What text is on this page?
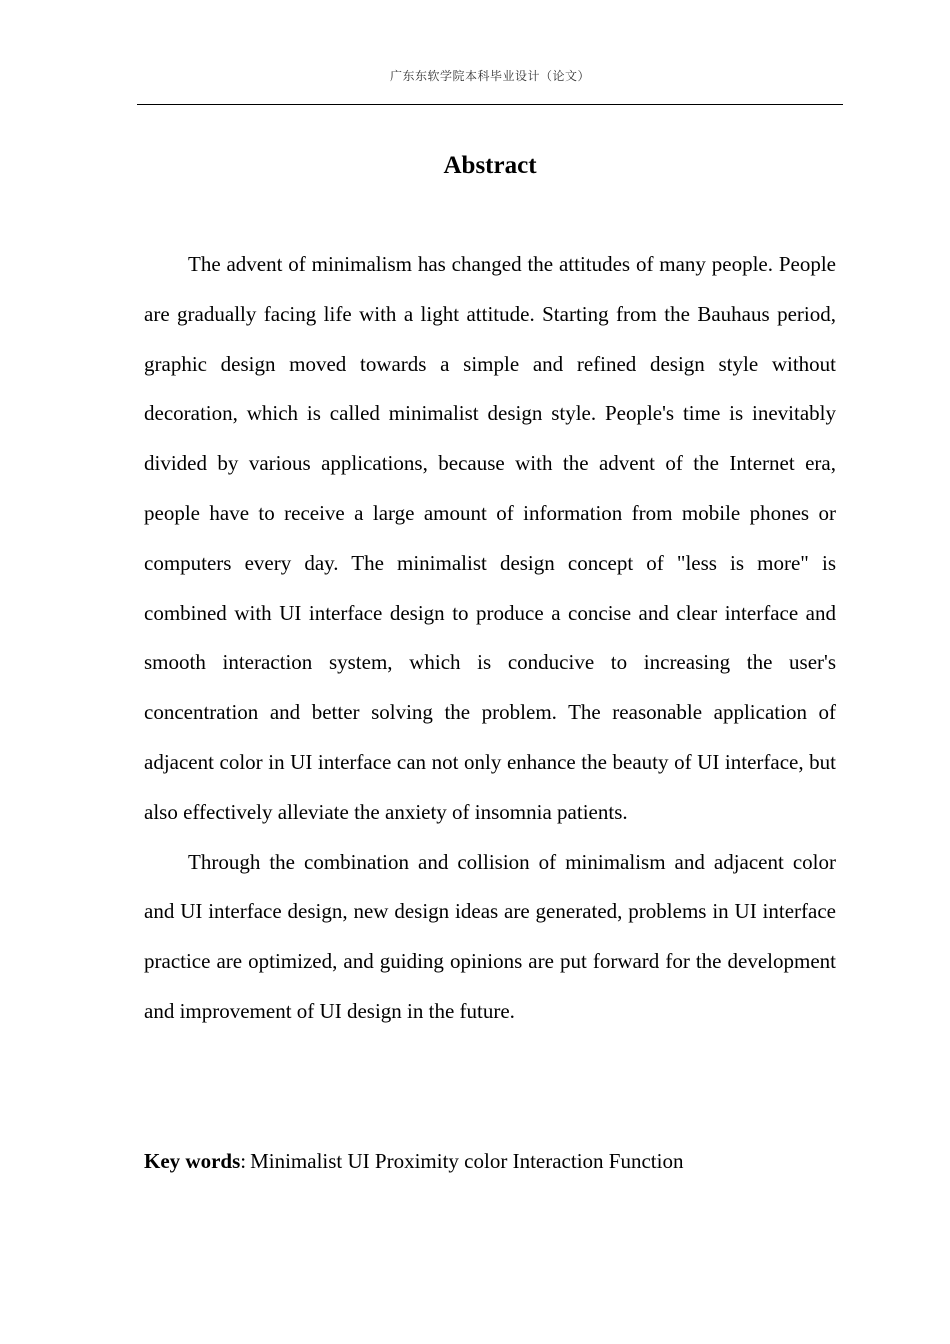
广东东软学院本科毕业设计（论文）
Abstract

The advent of minimalism has changed the attitudes of many people. People are gradually facing life with a light attitude. Starting from the Bauhaus period, graphic design moved towards a simple and refined design style without decoration, which is called minimalist design style. People's time is inevitably divided by various applications, because with the advent of the Internet era, people have to receive a large amount of information from mobile phones or computers every day. The minimalist design concept of "less is more" is combined with UI interface design to produce a concise and clear interface and smooth interaction system, which is conducive to increasing the user's concentration and better solving the problem. The reasonable application of adjacent color in UI interface can not only enhance the beauty of UI interface, but also effectively alleviate the anxiety of insomnia patients.

Through the combination and collision of minimalism and adjacent color and UI interface design, new design ideas are generated, problems in UI interface practice are optimized, and guiding opinions are put forward for the development and improvement of UI design in the future.

Key words: Minimalist UI Proximity color Interaction Function
